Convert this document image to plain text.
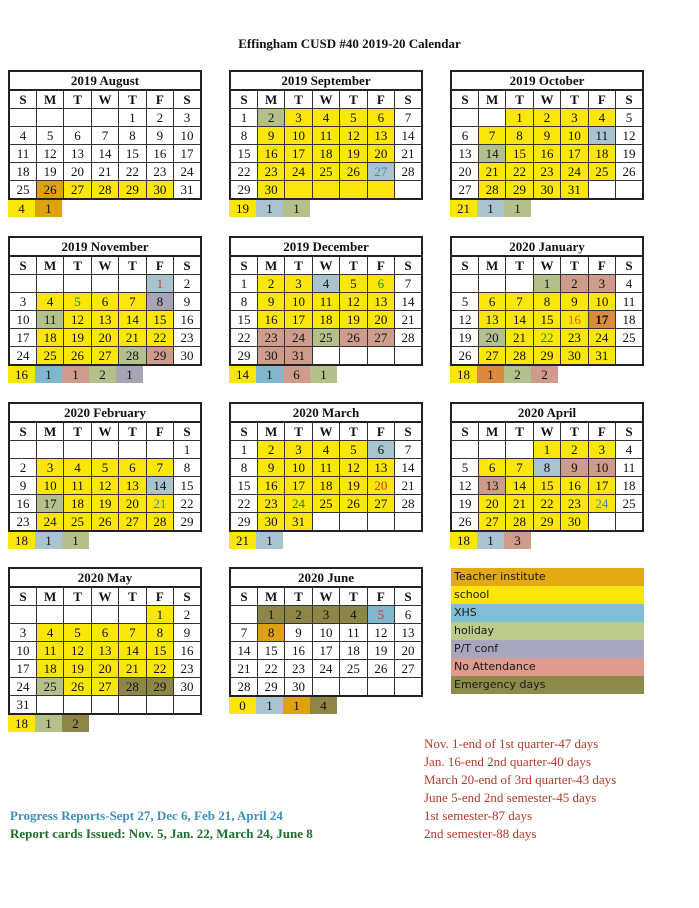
Effingham CUSD #40 2019-20 Calendar
2019 August						
S	M	T	W	T	F	S
				1	2	3
4	5	6	7	8	9	10
11	12	13	14	15	16	17
18	19	20	21	22	23	24
25	26	27	28	29	30	31
4	1
2019 September						
S	M	T	W	T	F	S
1	2	3	4	5	6	7
8	9	10	11	12	13	14
15	16	17	18	19	20	21
22	23	24	25	26	27	28
29	30					
19	1	1
2019 October						
S	M	T	W	T	F	S
		1	2	3	4	5
6	7	8	9	10	11	12
13	14	15	16	17	18	19
20	21	22	23	24	25	26
27	28	29	30	31		
21	1	1
2019 November						
S	M	T	W	T	F	S
					1	2
3	4	5	6	7	8	9
10	11	12	13	14	15	16
17	18	19	20	21	22	23
24	25	26	27	28	29	30
16	1	1	2	1
2019 December						
S	M	T	W	T	F	S
1	2	3	4	5	6	7
8	9	10	11	12	13	14
15	16	17	18	19	20	21
22	23	24	25	26	27	28
29	30	31				
14	1	6	1
2020 January						
S	M	T	W	T	F	S
			1	2	3	4
5	6	7	8	9	10	11
12	13	14	15	16	17	18
19	20	21	22	23	24	25
26	27	28	29	30	31	
18	1	2	2
2020 February						
S	M	T	W	T	F	S
						1
2	3	4	5	6	7	8
9	10	11	12	13	14	15
16	17	18	19	20	21	22
23	24	25	26	27	28	29
18	1	1
2020 March						
S	M	T	W	T	F	S
1	2	3	4	5	6	7
8	9	10	11	12	13	14
15	16	17	18	19	20	21
22	23	24	25	26	27	28
29	30	31				
21	1
2020 April						
S	M	T	W	T	F	S
			1	2	3	4
5	6	7	8	9	10	11
12	13	14	15	16	17	18
19	20	21	22	23	24	25
26	27	28	29	30		
18	1	3
2020 May						
S	M	T	W	T	F	S
					1	2
3	4	5	6	7	8	9
10	11	12	13	14	15	16
17	18	19	20	21	22	23
24	25	26	27	28	29	30
31						
18	1	2
2020 June						
S	M	T	W	T	F	S
	1	2	3	4	5	6
7	8	9	10	11	12	13
14	15	16	17	18	19	20
21	22	23	24	25	26	27
28	29	30				
0	1	1	4
Teacher institute
school
XHS
holiday
P/T conf
No Attendance
Emergency days
Nov. 1-end of 1st quarter-47 days
Jan. 16-end 2nd quarter-40 days
March 20-end of 3rd quarter-43 days
June 5-end 2nd semester-45 days
1st semester-87 days
2nd semester-88 days
Progress Reports-Sept 27, Dec 6, Feb 21, April 24
Report cards Issued: Nov. 5, Jan. 22, March 24, June 8
